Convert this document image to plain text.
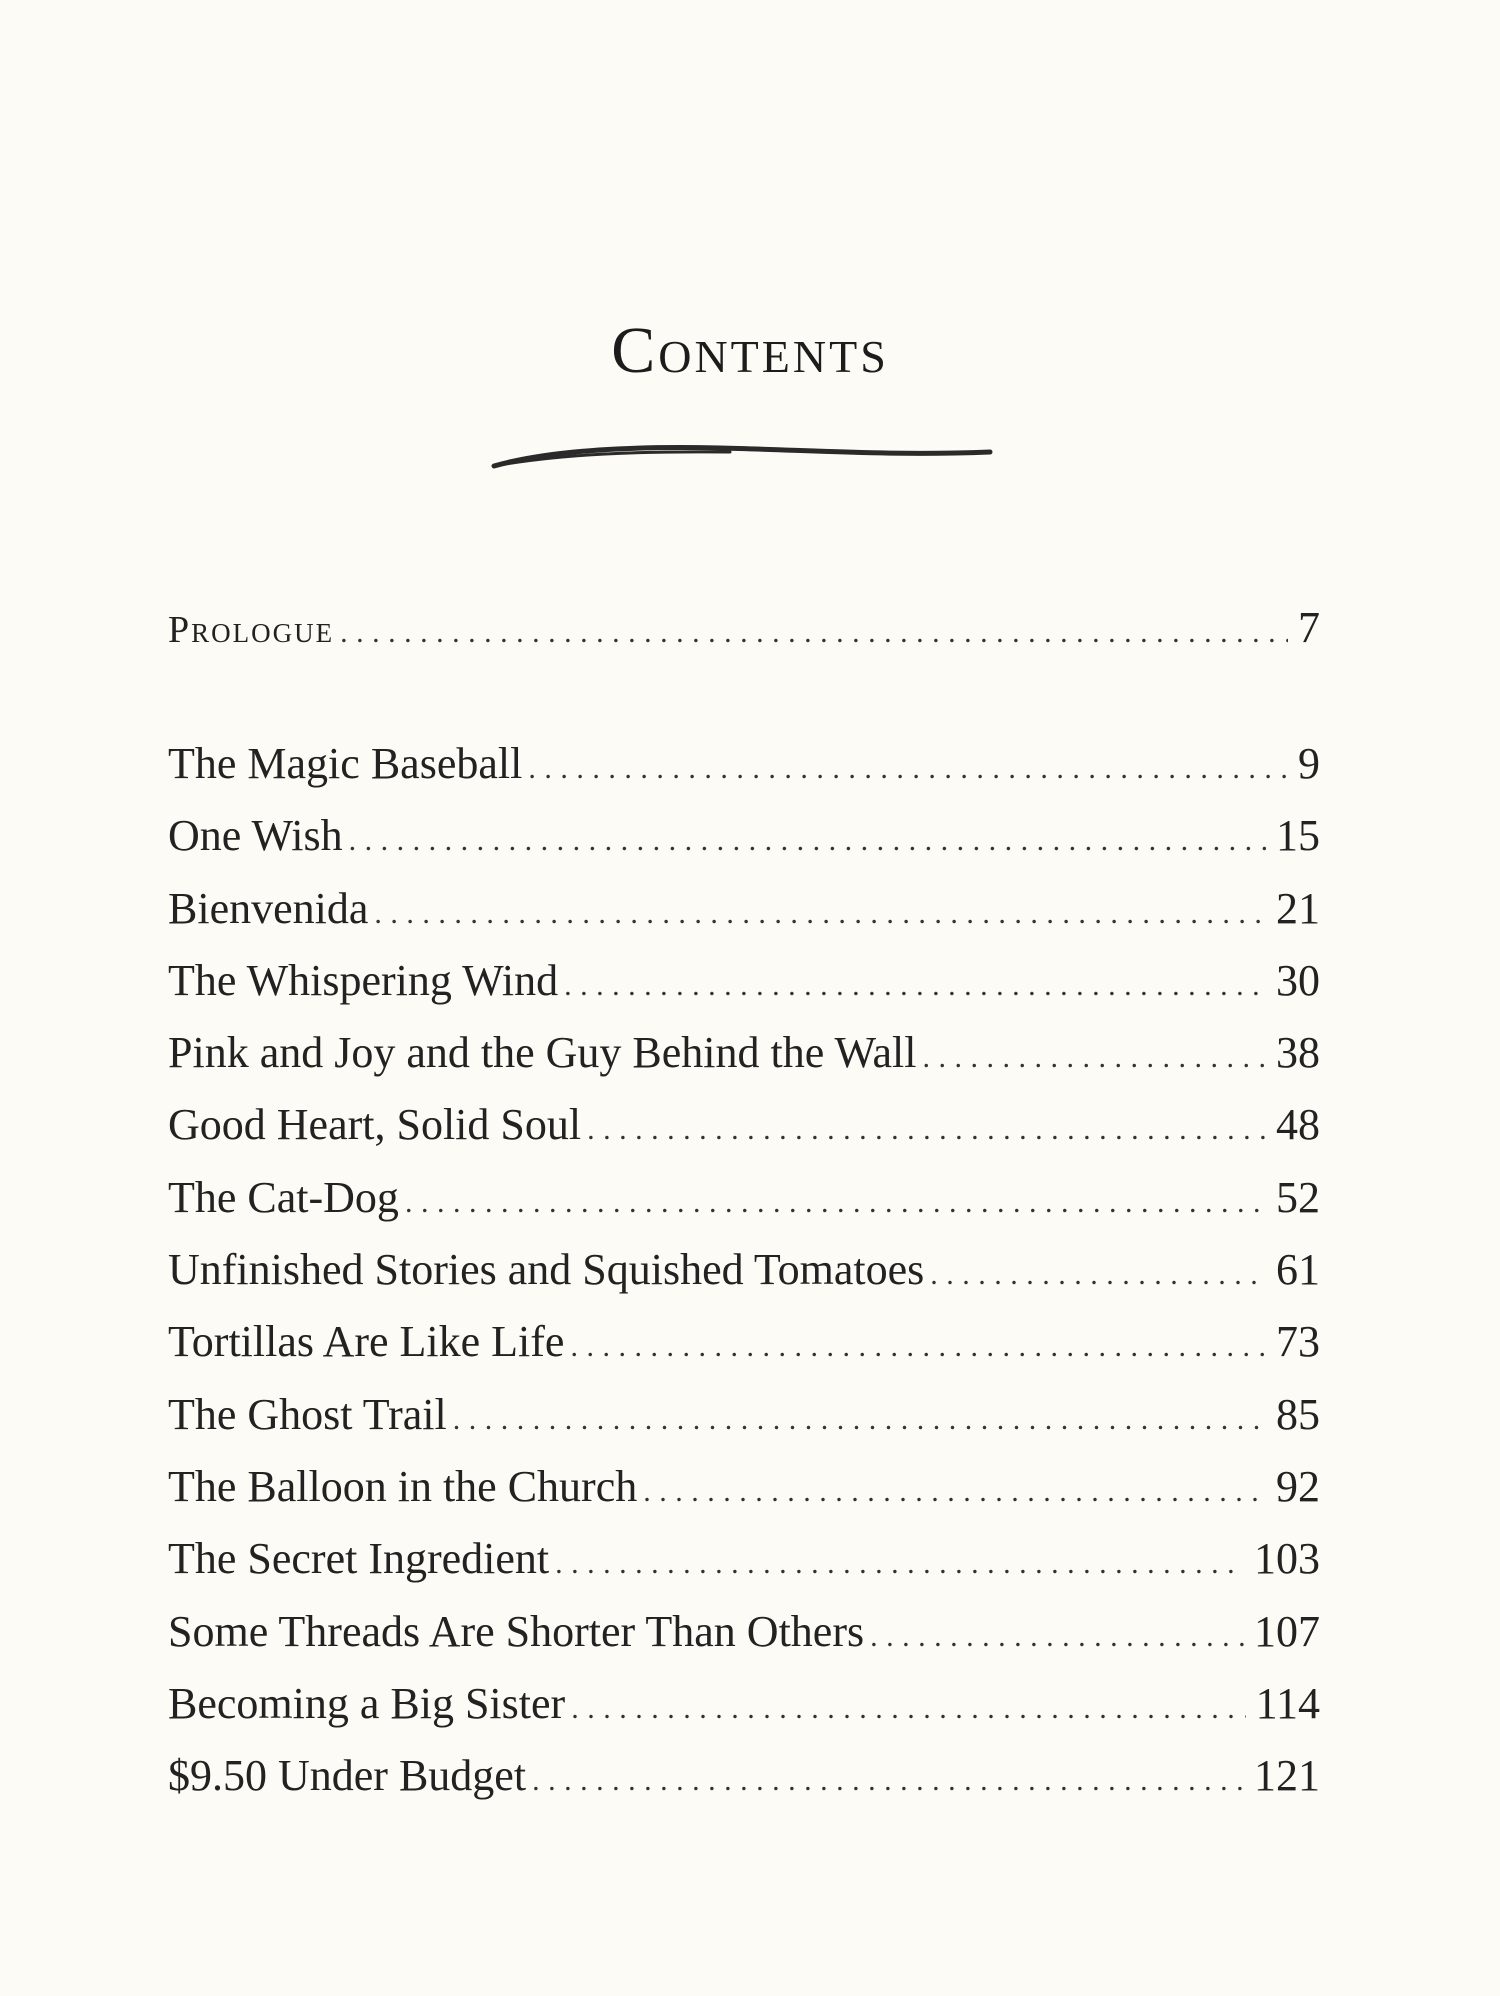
Contents
Prologue . . .	7
The Magic Baseball . . .	9
One Wish . . .	15
Bienvenida . . .	21
The Whispering Wind . . .	30
Pink and Joy and the Guy Behind the Wall . . .	38
Good Heart, Solid Soul . . .	48
The Cat-Dog . . .	52
Unfinished Stories and Squished Tomatoes . . .	61
Tortillas Are Like Life . . .	73
The Ghost Trail . . .	85
The Balloon in the Church . . .	92
The Secret Ingredient . . .	103
Some Threads Are Shorter Than Others . . .	107
Becoming a Big Sister . . .	114
$9.50 Under Budget . . .	121
